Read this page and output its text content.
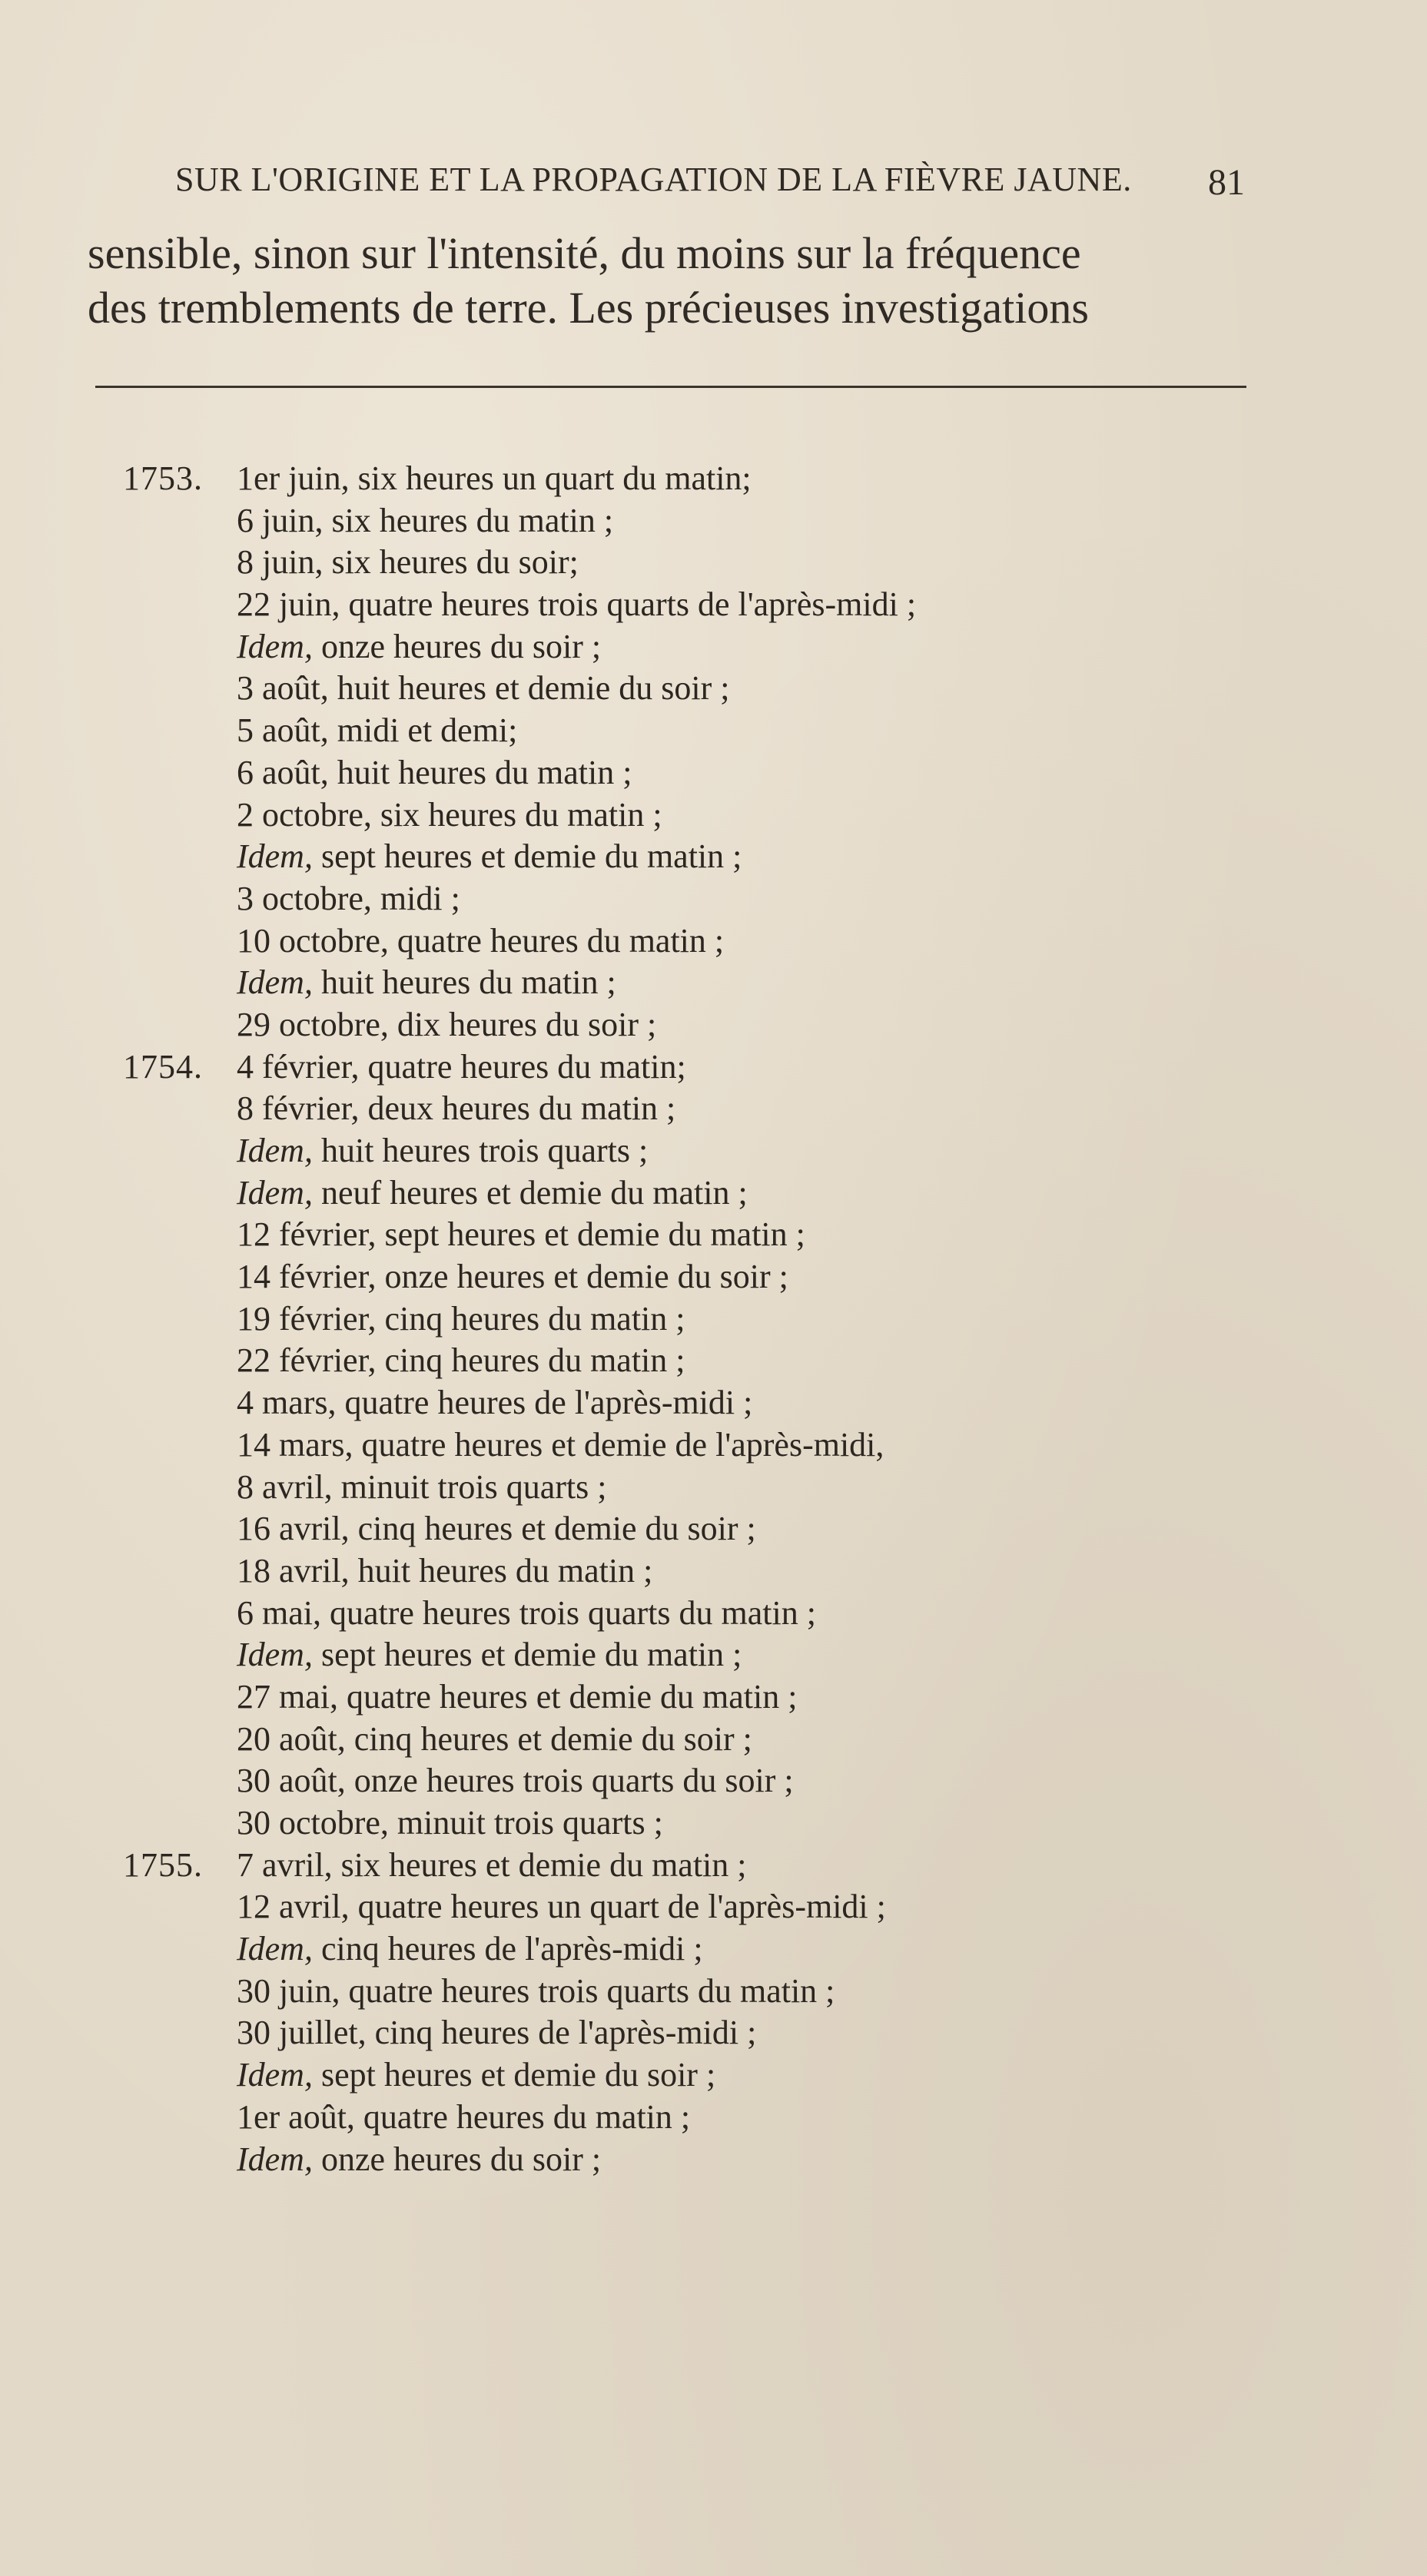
SUR L'ORIGINE ET LA PROPAGATION DE LA FIÈVRE JAUNE.	81
sensible, sinon sur l'intensité, du moins sur la fréquence
des tremblements de terre. Les précieuses investigations
1753.	1er juin, six heures un quart du matin;
6 juin, six heures du matin ;
8 juin, six heures du soir;
22 juin, quatre heures trois quarts de l'après-midi ;
Idem, onze heures du soir ;
3 août, huit heures et demie du soir ;
5 août, midi et demi;
6 août, huit heures du matin ;
2 octobre, six heures du matin ;
Idem, sept heures et demie du matin ;
3 octobre, midi ;
10 octobre, quatre heures du matin ;
Idem, huit heures du matin ;
29 octobre, dix heures du soir ;
1754.	4 février, quatre heures du matin;
8 février, deux heures du matin ;
Idem, huit heures trois quarts ;
Idem, neuf heures et demie du matin ;
12 février, sept heures et demie du matin ;
14 février, onze heures et demie du soir ;
19 février, cinq heures du matin ;
22 février, cinq heures du matin ;
4 mars, quatre heures de l'après-midi ;
14 mars, quatre heures et demie de l'après-midi,
8 avril, minuit trois quarts ;
16 avril, cinq heures et demie du soir ;
18 avril, huit heures du matin ;
6 mai, quatre heures trois quarts du matin ;
Idem, sept heures et demie du matin ;
27 mai, quatre heures et demie du matin ;
20 août, cinq heures et demie du soir ;
30 août, onze heures trois quarts du soir ;
30 octobre, minuit trois quarts ;
1755.	7 avril, six heures et demie du matin ;
12 avril, quatre heures un quart de l'après-midi ;
Idem, cinq heures de l'après-midi ;
30 juin, quatre heures trois quarts du matin ;
30 juillet, cinq heures de l'après-midi ;
Idem, sept heures et demie du soir ;
1er août, quatre heures du matin ;
Idem, onze heures du soir ;
